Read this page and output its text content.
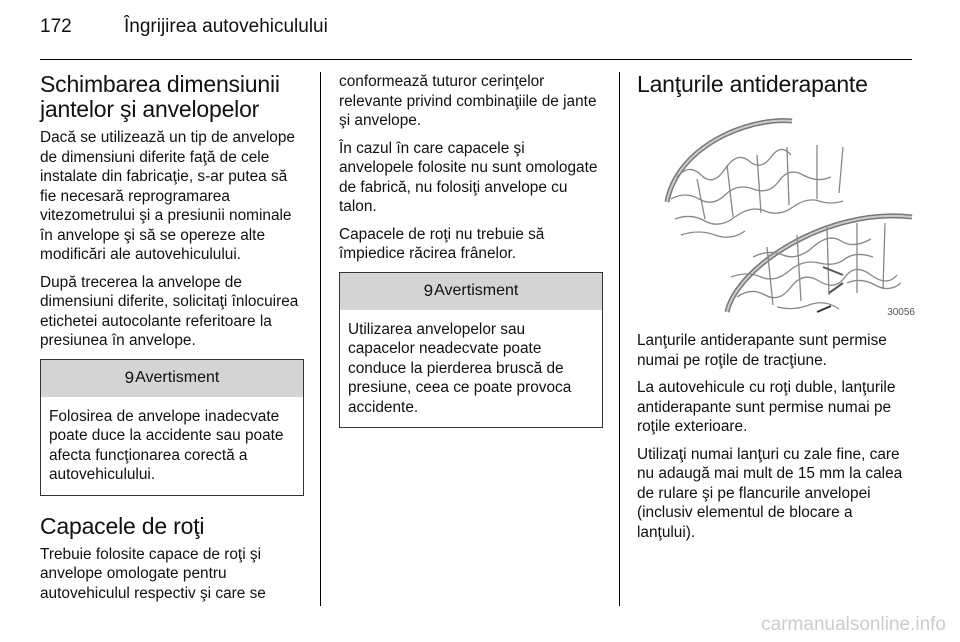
172	Îngrijirea autovehiculului
Schimbarea dimensiunii jantelor şi anvelopelor

Dacă se utilizează un tip de anvelope de dimensiuni diferite faţă de cele instalate din fabricaţie, s-ar putea să fie necesară reprogramarea vitezometrului şi a presiunii nominale în anvelope şi să se opereze alte modificări ale autovehiculului.

După trecerea la anvelope de dimensiuni diferite, solicitaţi înlocuirea etichetei autocolante referitoare la presiunea în anvelope.

9 Avertisment
Folosirea de anvelope inadecvate poate duce la accidente sau poate afecta funcţionarea corectă a autovehiculului.
Capacele de roţi

Trebuie folosite capace de roţi şi anvelope omologate pentru autovehiculul respectiv şi care se

conformează tuturor cerinţelor relevante privind combinaţiile de jante şi anvelope.

În cazul în care capacele şi anvelopele folosite nu sunt omologate de fabrică, nu folosiţi anvelope cu talon.

Capacele de roţi nu trebuie să împiedice răcirea frânelor.

9 Avertisment
Utilizarea anvelopelor sau capacelor neadecvate poate conduce la pierderea bruscă de presiune, ceea ce poate provoca accidente.
Lanţurile antiderapante
30056

Lanţurile antiderapante sunt permise numai pe roţile de tracţiune.

La autovehicule cu roţi duble, lanţurile antiderapante sunt permise numai pe roţile exterioare.

Utilizaţi numai lanţuri cu zale fine, care nu adaugă mai mult de 15 mm la calea de rulare şi pe flancurile anvelopei (inclusiv elementul de blocare a lanţului).

carmanualsonline.info
